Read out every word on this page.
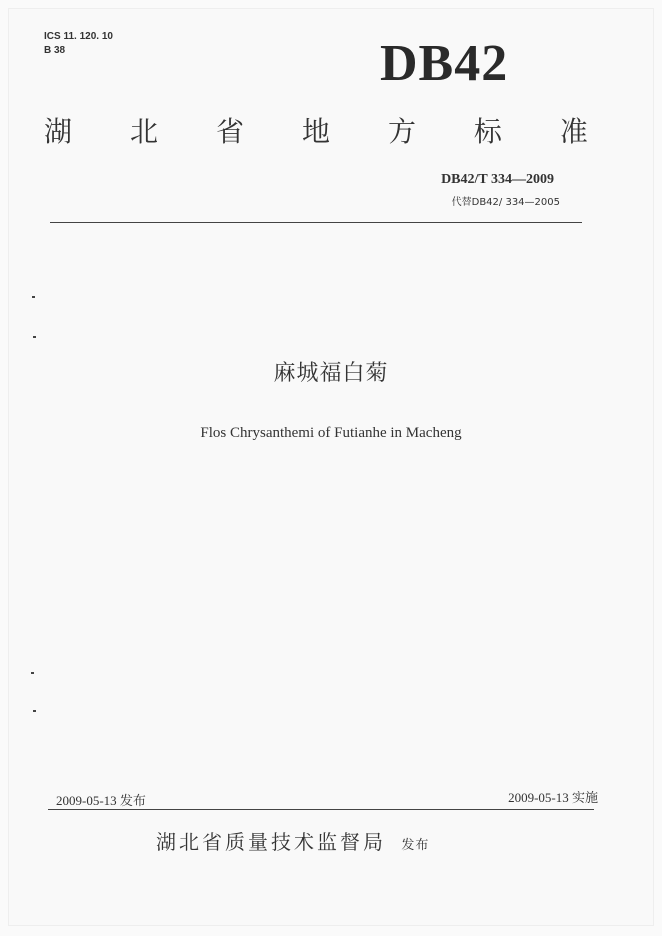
ICS 11. 120. 10
B 38	DB42
湖 北 省 地 方 标 准
DB42/T 334—2009
代替DB42/ 334—2005
麻城福白菊
Flos Chrysanthemi of Futianhe in Macheng
2009-05-13 发布	2009-05-13 实施
湖北省质量技术监督局 发布
